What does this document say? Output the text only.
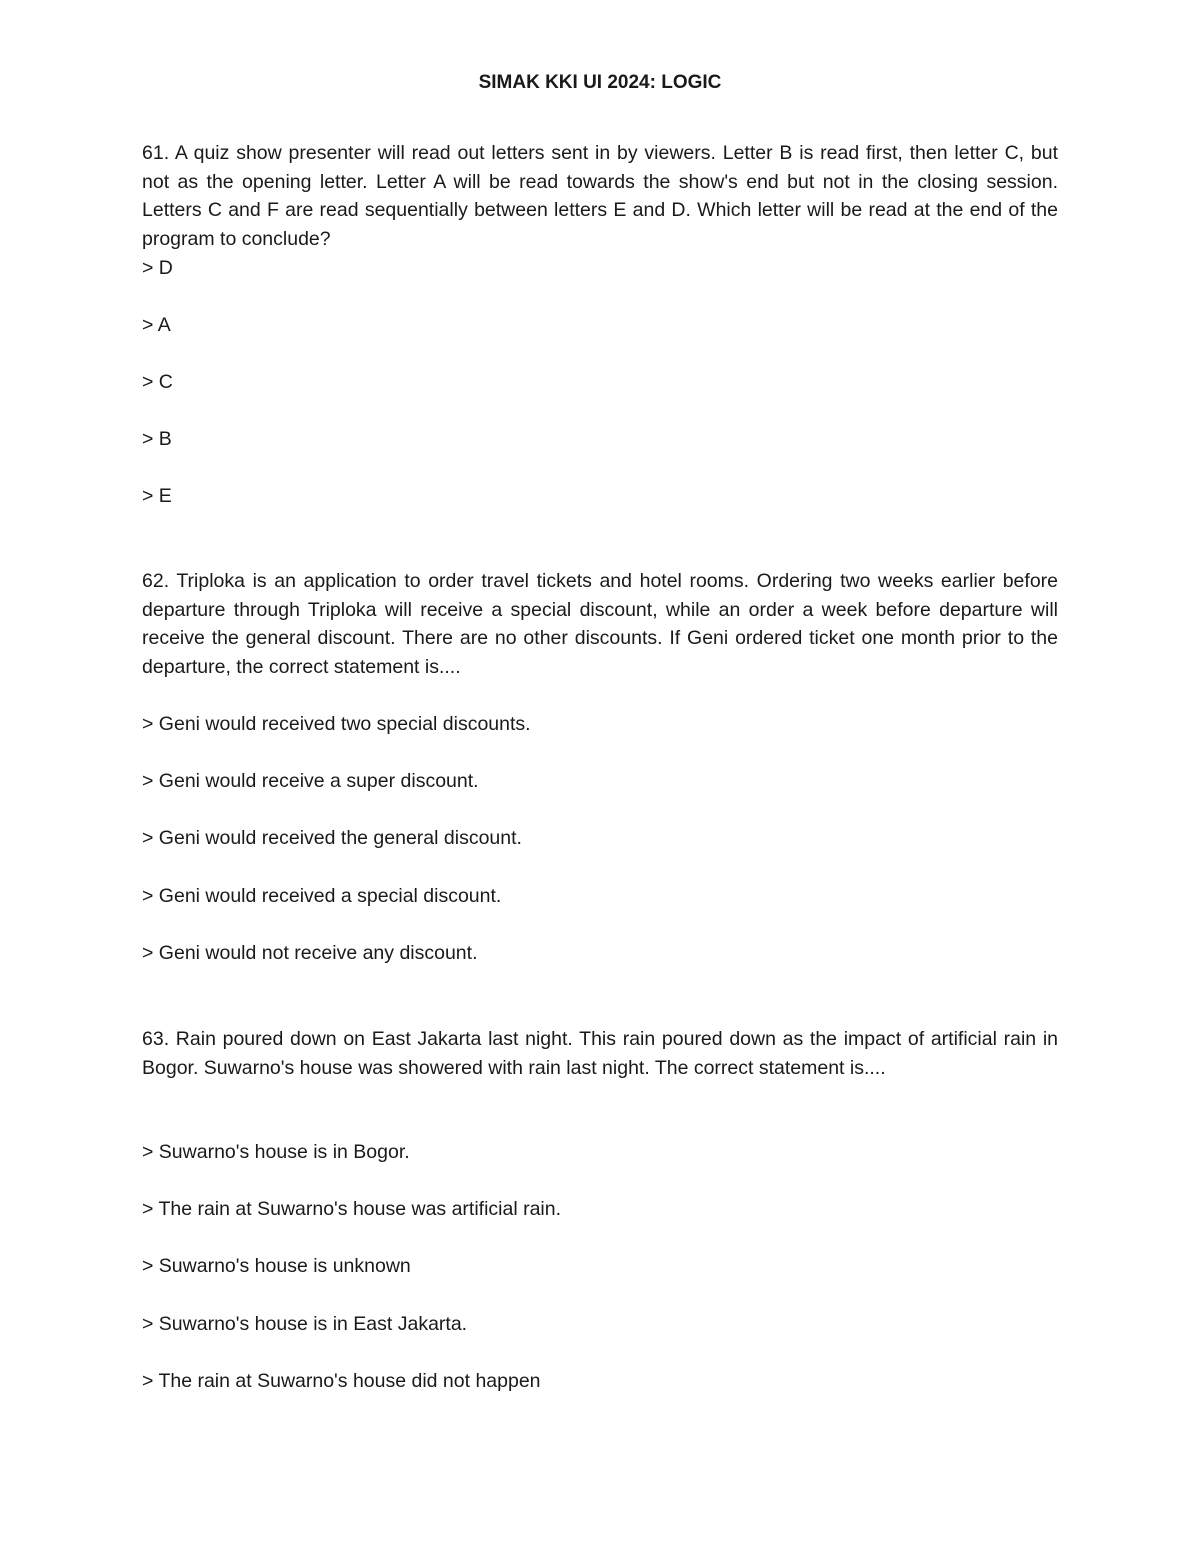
SIMAK KKI UI 2024: LOGIC

61. A quiz show presenter will read out letters sent in by viewers. Letter B is read first, then letter C, but not as the opening letter. Letter A will be read towards the show's end but not in the closing session. Letters C and F are read sequentially between letters E and D. Which letter will be read at the end of the program to conclude?

> D
> A
> C
> B
> E

62. Triploka is an application to order travel tickets and hotel rooms. Ordering two weeks earlier before departure through Triploka will receive a special discount, while an order a week before departure will receive the general discount. There are no other discounts. If Geni ordered ticket one month prior to the departure, the correct statement is....

> Geni would received two special discounts.
> Geni would receive a super discount.
> Geni would received the general discount.
> Geni would received a special discount.
> Geni would not receive any discount.

63. Rain poured down on East Jakarta last night. This rain poured down as the impact of artificial rain in Bogor. Suwarno's house was showered with rain last night. The correct statement is....

> Suwarno's house is in Bogor.
> The rain at Suwarno's house was artificial rain.
> Suwarno's house is unknown
> Suwarno's house is in East Jakarta.
> The rain at Suwarno's house did not happen
